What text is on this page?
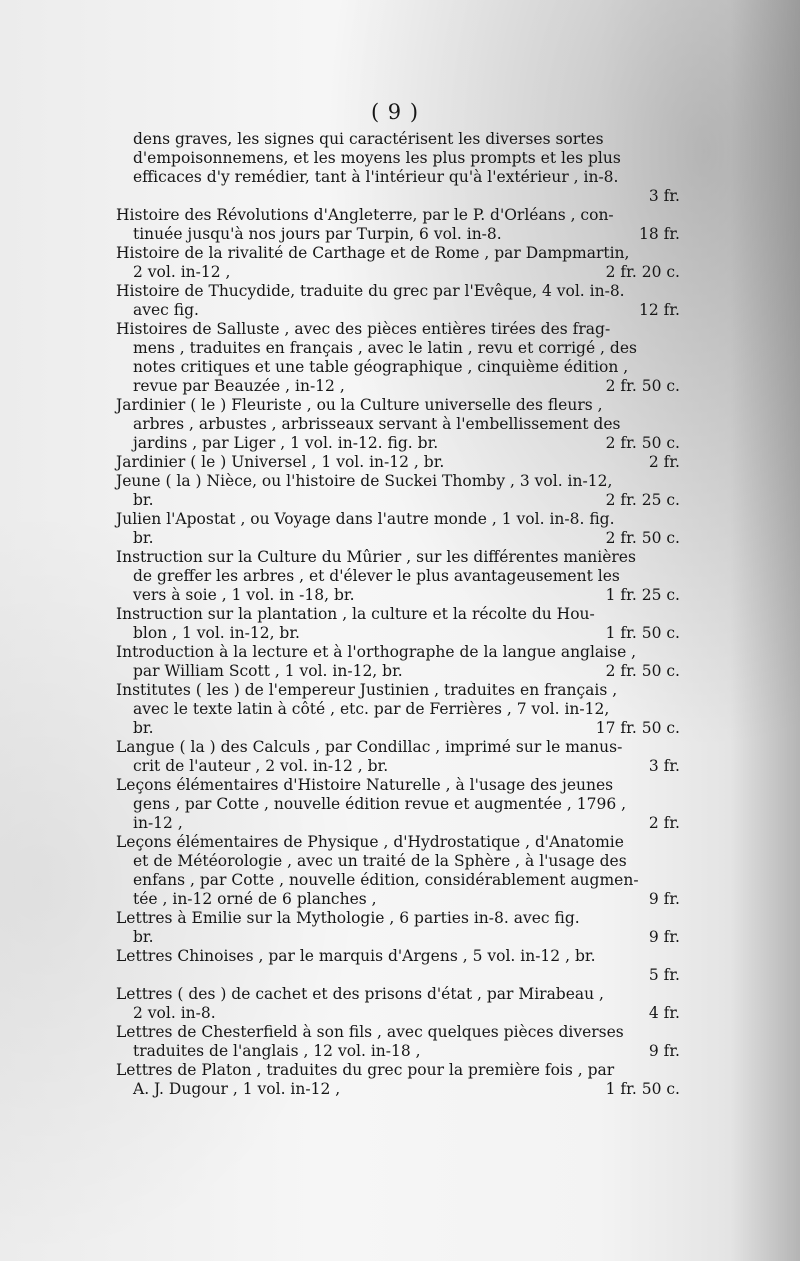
( 9 )
dens graves, les signes qui caractérisent les diverses sortes
d'empoisonnemens, et les moyens les plus prompts et les plus
efficaces d'y remédier, tant à l'intérieur qu'à l'extérieur , in-8.
3 fr.
Histoire des Révolutions d'Angleterre, par le P. d'Orléans , con-
tinuée jusqu'à nos jours par Turpin, 6 vol. in-8.	18 fr.
Histoire de la rivalité de Carthage et de Rome , par Dampmartin,
2 vol. in-12 ,	2 fr. 20 c.
Histoire de Thucydide, traduite du grec par l'Evêque, 4 vol. in-8.
avec fig.	12 fr.
Histoires de Salluste , avec des pièces entières tirées des frag-
mens , traduites en français , avec le latin , revu et corrigé , des
notes critiques et une table géographique , cinquième édition ,
revue par Beauzée , in-12 ,	2 fr. 50 c.
Jardinier ( le ) Fleuriste , ou la Culture universelle des fleurs ,
arbres , arbustes , arbrisseaux servant à l'embellissement des
jardins , par Liger , 1 vol. in-12. fig. br.	2 fr. 50 c.
Jardinier ( le ) Universel , 1 vol. in-12 , br.	2 fr.
Jeune ( la ) Nièce, ou l'histoire de Suckei Thomby , 3 vol. in-12,
br.	2 fr. 25 c.
Julien l'Apostat , ou Voyage dans l'autre monde , 1 vol. in-8. fig.
br.	2 fr. 50 c.
Instruction sur la Culture du Mûrier , sur les différentes manières
de greffer les arbres , et d'élever le plus avantageusement les
vers à soie , 1 vol. in -18, br.	1 fr. 25 c.
Instruction sur la plantation , la culture et la récolte du Hou-
blon , 1 vol. in-12, br.	1 fr. 50 c.
Introduction à la lecture et à l'orthographe de la langue anglaise ,
par William Scott , 1 vol. in-12, br.	2 fr. 50 c.
Institutes ( les ) de l'empereur Justinien , traduites en français ,
avec le texte latin à côté , etc. par de Ferrières , 7 vol. in-12,
br.	17 fr. 50 c.
Langue ( la ) des Calculs , par Condillac , imprimé sur le manus-
crit de l'auteur , 2 vol. in-12 , br.	3 fr.
Leçons élémentaires d'Histoire Naturelle , à l'usage des jeunes
gens , par Cotte , nouvelle édition revue et augmentée , 1796 ,
in-12 ,	2 fr.
Leçons élémentaires de Physique , d'Hydrostatique , d'Anatomie
et de Météorologie , avec un traité de la Sphère , à l'usage des
enfans , par Cotte , nouvelle édition, considérablement augmen-
tée , in-12 orné de 6 planches ,	9 fr.
Lettres à Emilie sur la Mythologie , 6 parties in-8. avec fig.
br.	9 fr.
Lettres Chinoises , par le marquis d'Argens , 5 vol. in-12 , br.
5 fr.
Lettres ( des ) de cachet et des prisons d'état , par Mirabeau ,
2 vol. in-8.	4 fr.
Lettres de Chesterfield à son fils , avec quelques pièces diverses
traduites de l'anglais , 12 vol. in-18 ,	9 fr.
Lettres de Platon , traduites du grec pour la première fois , par
A. J. Dugour , 1 vol. in-12 ,	1 fr. 50 c.
